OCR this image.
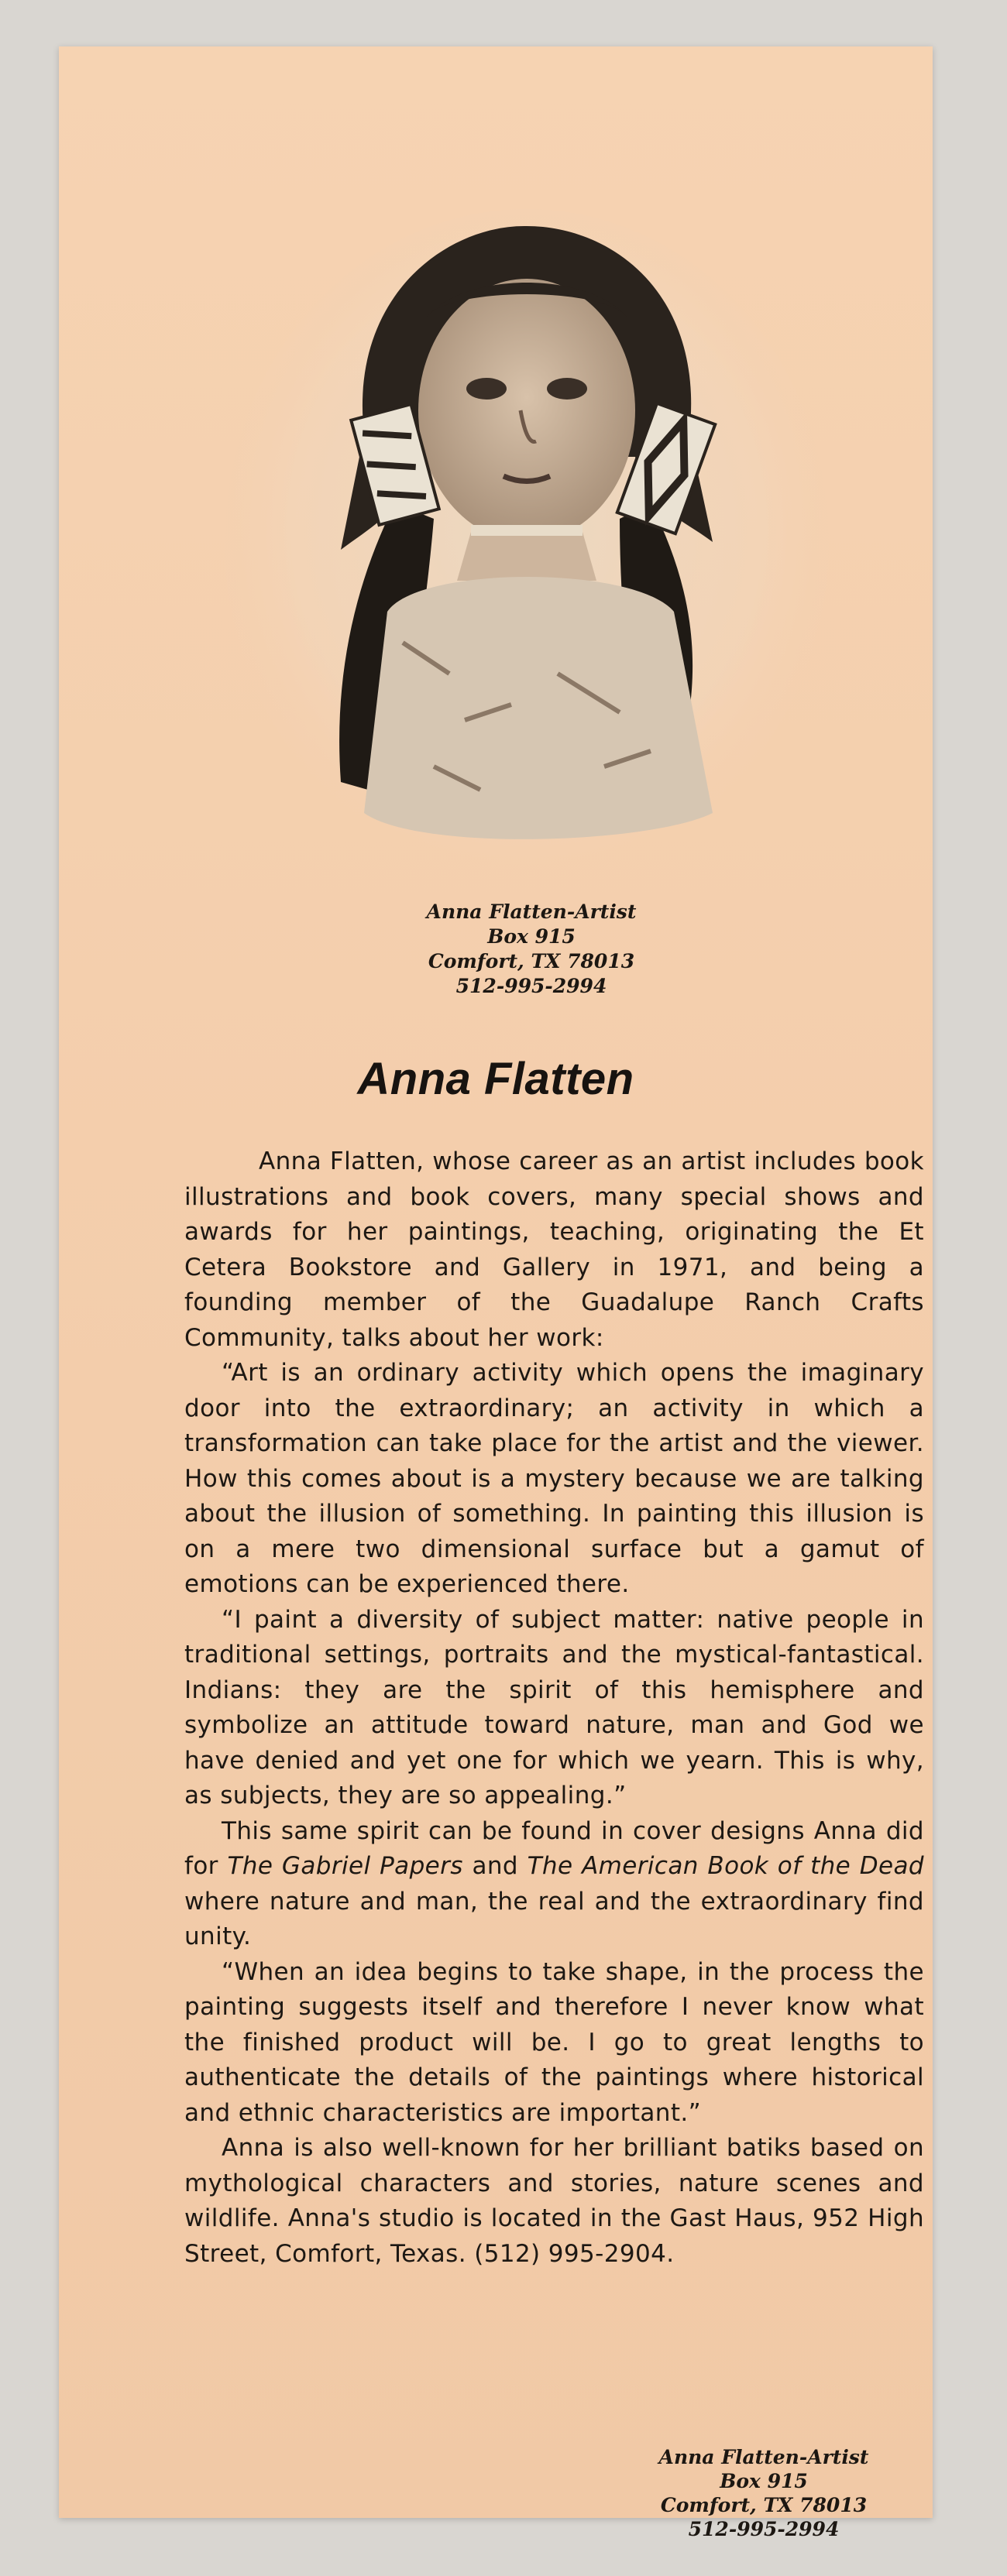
Anna Flatten-Artist
Box 915
Comfort, TX 78013
512-995-2994
Anna Flatten

Anna Flatten, whose career as an artist includes book illustrations and book covers, many special shows and awards for her paintings, teaching, originating the Et Cetera Bookstore and Gallery in 1971, and being a founding member of the Guadalupe Ranch Crafts Community, talks about her work:

“Art is an ordinary activity which opens the imaginary door into the extraordinary; an activity in which a transformation can take place for the artist and the viewer. How this comes about is a mystery because we are talking about the illusion of something. In painting this illusion is on a mere two dimensional surface but a gamut of emotions can be experienced there.

“I paint a diversity of subject matter: native people in traditional settings, portraits and the mystical-fantastical. Indians: they are the spirit of this hemisphere and symbolize an attitude toward nature, man and God we have denied and yet one for which we yearn. This is why, as subjects, they are so appealing.”

This same spirit can be found in cover designs Anna did for The Gabriel Papers and The American Book of the Dead where nature and man, the real and the extraordinary find unity.

“When an idea begins to take shape, in the process the painting suggests itself and therefore I never know what the finished product will be. I go to great lengths to authenticate the details of the paintings where historical and ethnic characteristics are important.”

Anna is also well-known for her brilliant batiks based on mythological characters and stories, nature scenes and wildlife. Anna's studio is located in the Gast Haus, 952 High Street, Comfort, Texas. (512) 995-2904.

Anna Flatten-Artist
Box 915
Comfort, TX 78013
512-995-2994
